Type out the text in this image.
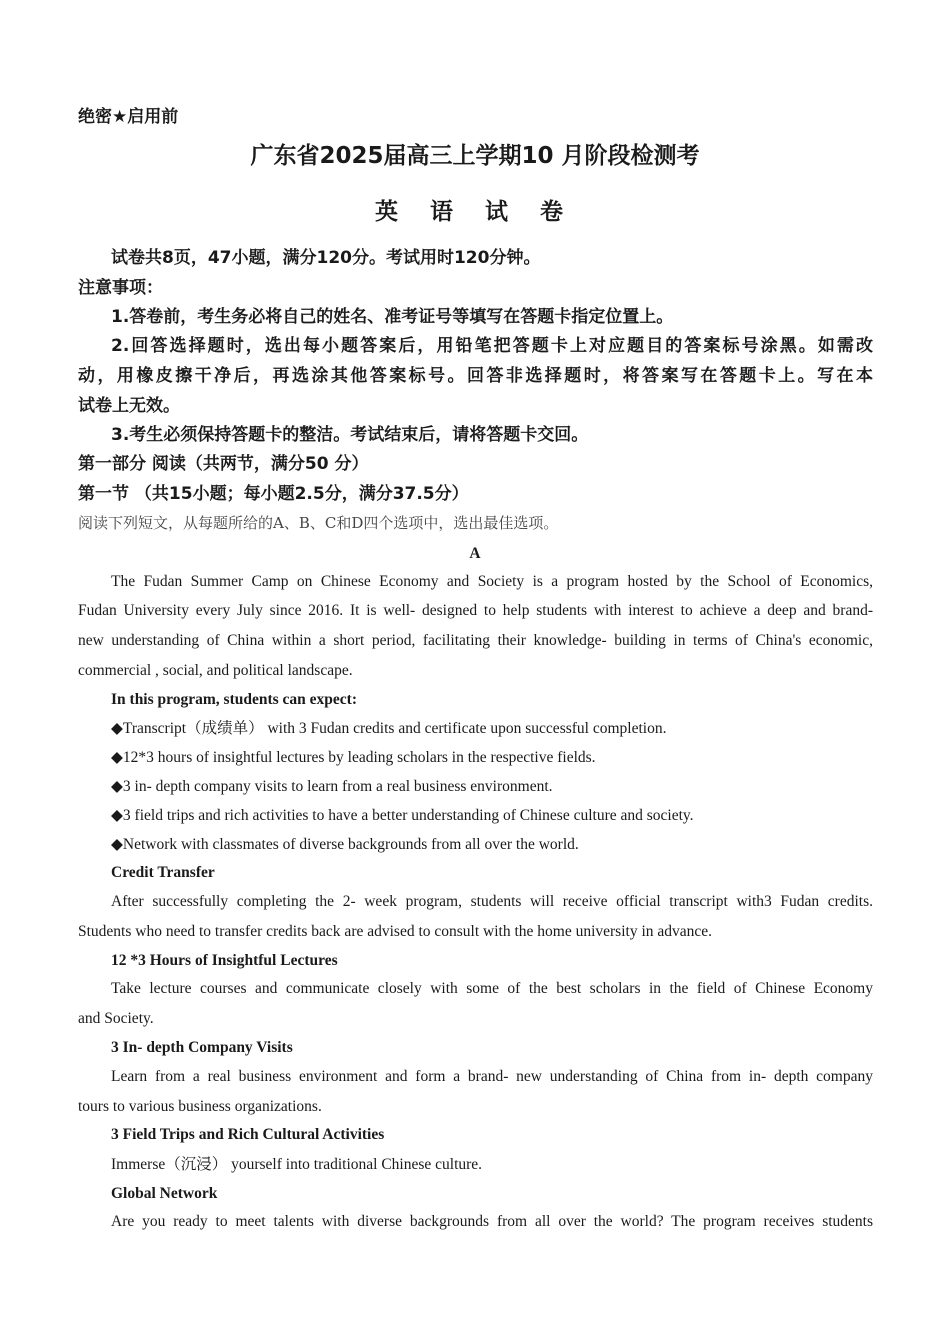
绝密★启用前
广东省2025届高三上学期10 月阶段检测考
英 语 试 卷
试卷共8页，47小题，满分120分。考试用时120分钟。
注意事项：
1.答卷前，考生务必将自己的姓名、准考证号等填写在答题卡指定位置上。
2.回答选择题时，选出每小题答案后，用铅笔把答题卡上对应题目的答案标号涂黑。如需改
动，用橡皮擦干净后，再选涂其他答案标号。回答非选择题时，将答案写在答题卡上。写在本
试卷上无效。
3.考生必须保持答题卡的整洁。考试结束后，请将答题卡交回。
第一部分 阅读（共两节，满分50 分）
第一节 （共15小题；每小题2.5分，满分37.5分）
阅读下列短文，从每题所给的A、B、C和D四个选项中，选出最佳选项。
A
The Fudan Summer Camp on Chinese Economy and Society is a program hosted by the School of Economics,
Fudan University every July since 2016. It is well- designed to help students with interest to achieve a deep and brand-
new understanding of China within a short period, facilitating their knowledge- building in terms of China's economic,
commercial , social, and political landscape.
In this program, students can expect:
◆Transcript（成绩单） with 3 Fudan credits and certificate upon successful completion.
◆12*3 hours of insightful lectures by leading scholars in the respective fields.
◆3 in- depth company visits to learn from a real business environment.
◆3 field trips and rich activities to have a better understanding of Chinese culture and society.
◆Network with classmates of diverse backgrounds from all over the world.
Credit Transfer
After successfully completing the 2- week program, students will receive official transcript with3 Fudan credits.
Students who need to transfer credits back are advised to consult with the home university in advance.
12 *3 Hours of Insightful Lectures
Take lecture courses and communicate closely with some of the best scholars in the field of Chinese Economy
and Society.
3 In- depth Company Visits
Learn from a real business environment and form a brand- new understanding of China from in- depth company
tours to various business organizations.
3 Field Trips and Rich Cultural Activities
Immerse（沉浸） yourself into traditional Chinese culture.
Global Network
Are you ready to meet talents with diverse backgrounds from all over the world? The program receives students
